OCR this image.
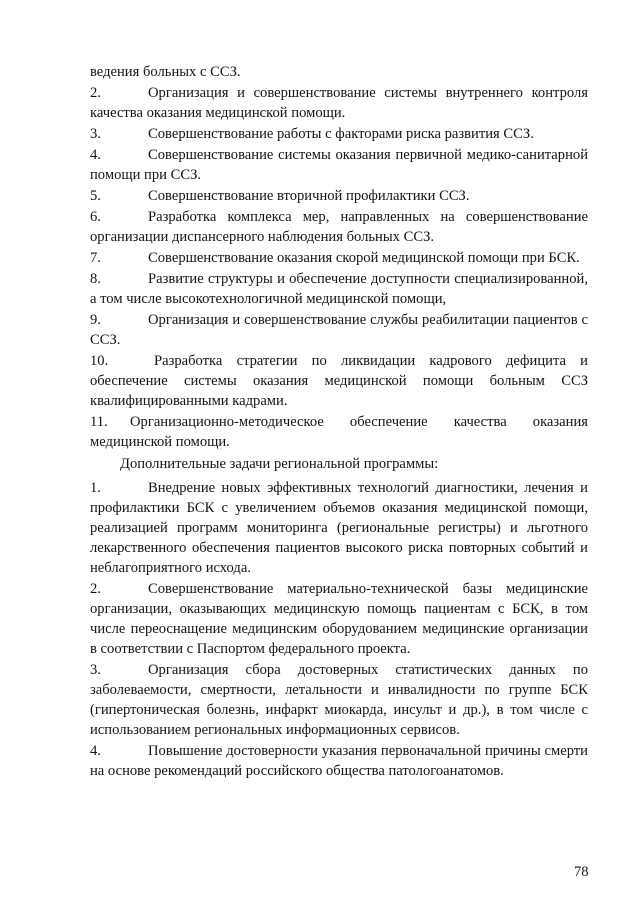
ведения больных с ССЗ.

2.	Организация и совершенствование системы внутреннего контроля качества оказания медицинской помощи.

3.	Совершенствование работы с факторами риска развития ССЗ.

4.	Совершенствование системы оказания первичной медико-санитарной помощи при ССЗ.

5.	Совершенствование вторичной профилактики ССЗ.

6.	Разработка комплекса мер, направленных на совершенствование организации диспансерного наблюдения больных ССЗ.

7.	Совершенствование оказания скорой медицинской помощи при БСК.

8.	Развитие структуры и обеспечение доступности специализированной, а том числе высокотехнологичной медицинской помощи,

9.	Организация и совершенствование службы реабилитации пациентов с ССЗ.

10.	Разработка стратегии по ликвидации кадрового дефицита и обеспечение системы оказания медицинской помощи больным ССЗ квалифицированными кадрами.

11. Организационно-методическое обеспечение качества оказания медицинской помощи.

Дополнительные задачи региональной программы:

1.	Внедрение новых эффективных технологий диагностики, лечения и профилактики БСК с увеличением объемов оказания медицинской помощи, реализацией программ мониторинга (региональные регистры) и льготного лекарственного обеспечения пациентов высокого риска повторных событий и неблагоприятного исхода.

2.	Совершенствование материально-технической базы медицинские организации, оказывающих медицинскую помощь пациентам с БСК, в том числе переоснащение медицинским оборудованием медицинские организации в соответствии с Паспортом федерального проекта.

3.	Организация сбора достоверных статистических данных по заболеваемости, смертности, летальности и инвалидности по группе БСК (гипертоническая болезнь, инфаркт миокарда, инсульт и др.), в том числе с использованием региональных информационных сервисов.

4.	Повышение достоверности указания первоначальной причины смерти на основе рекомендаций российского общества патологоанатомов.

78
